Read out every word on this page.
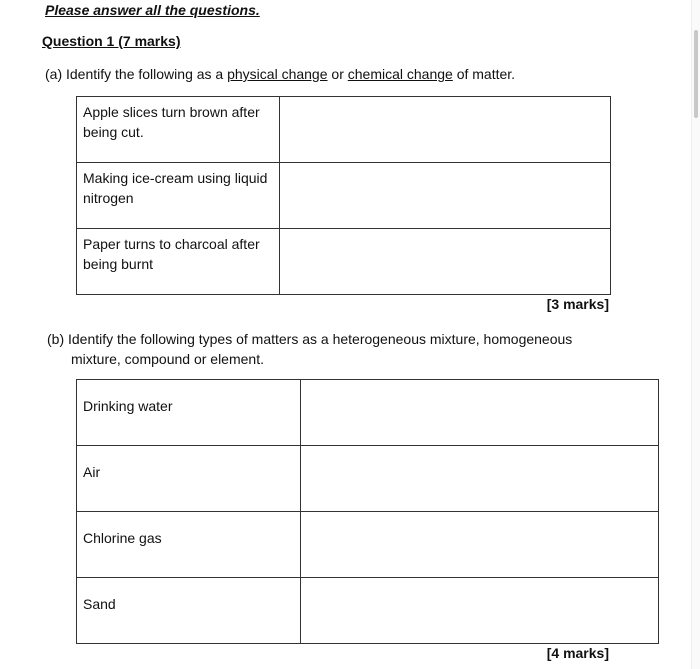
Please answer all the questions.
Question 1 (7 marks)
(a) Identify the following as a physical change or chemical change of matter.
Apple slices turn brown after being cut.	
Making ice-cream using liquid nitrogen	
Paper turns to charcoal after being burnt	
[3 marks]
(b) Identify the following types of matters as a heterogeneous mixture, homogeneous
mixture, compound or element.
Drinking water	
Air	
Chlorine gas	
Sand	
[4 marks]
